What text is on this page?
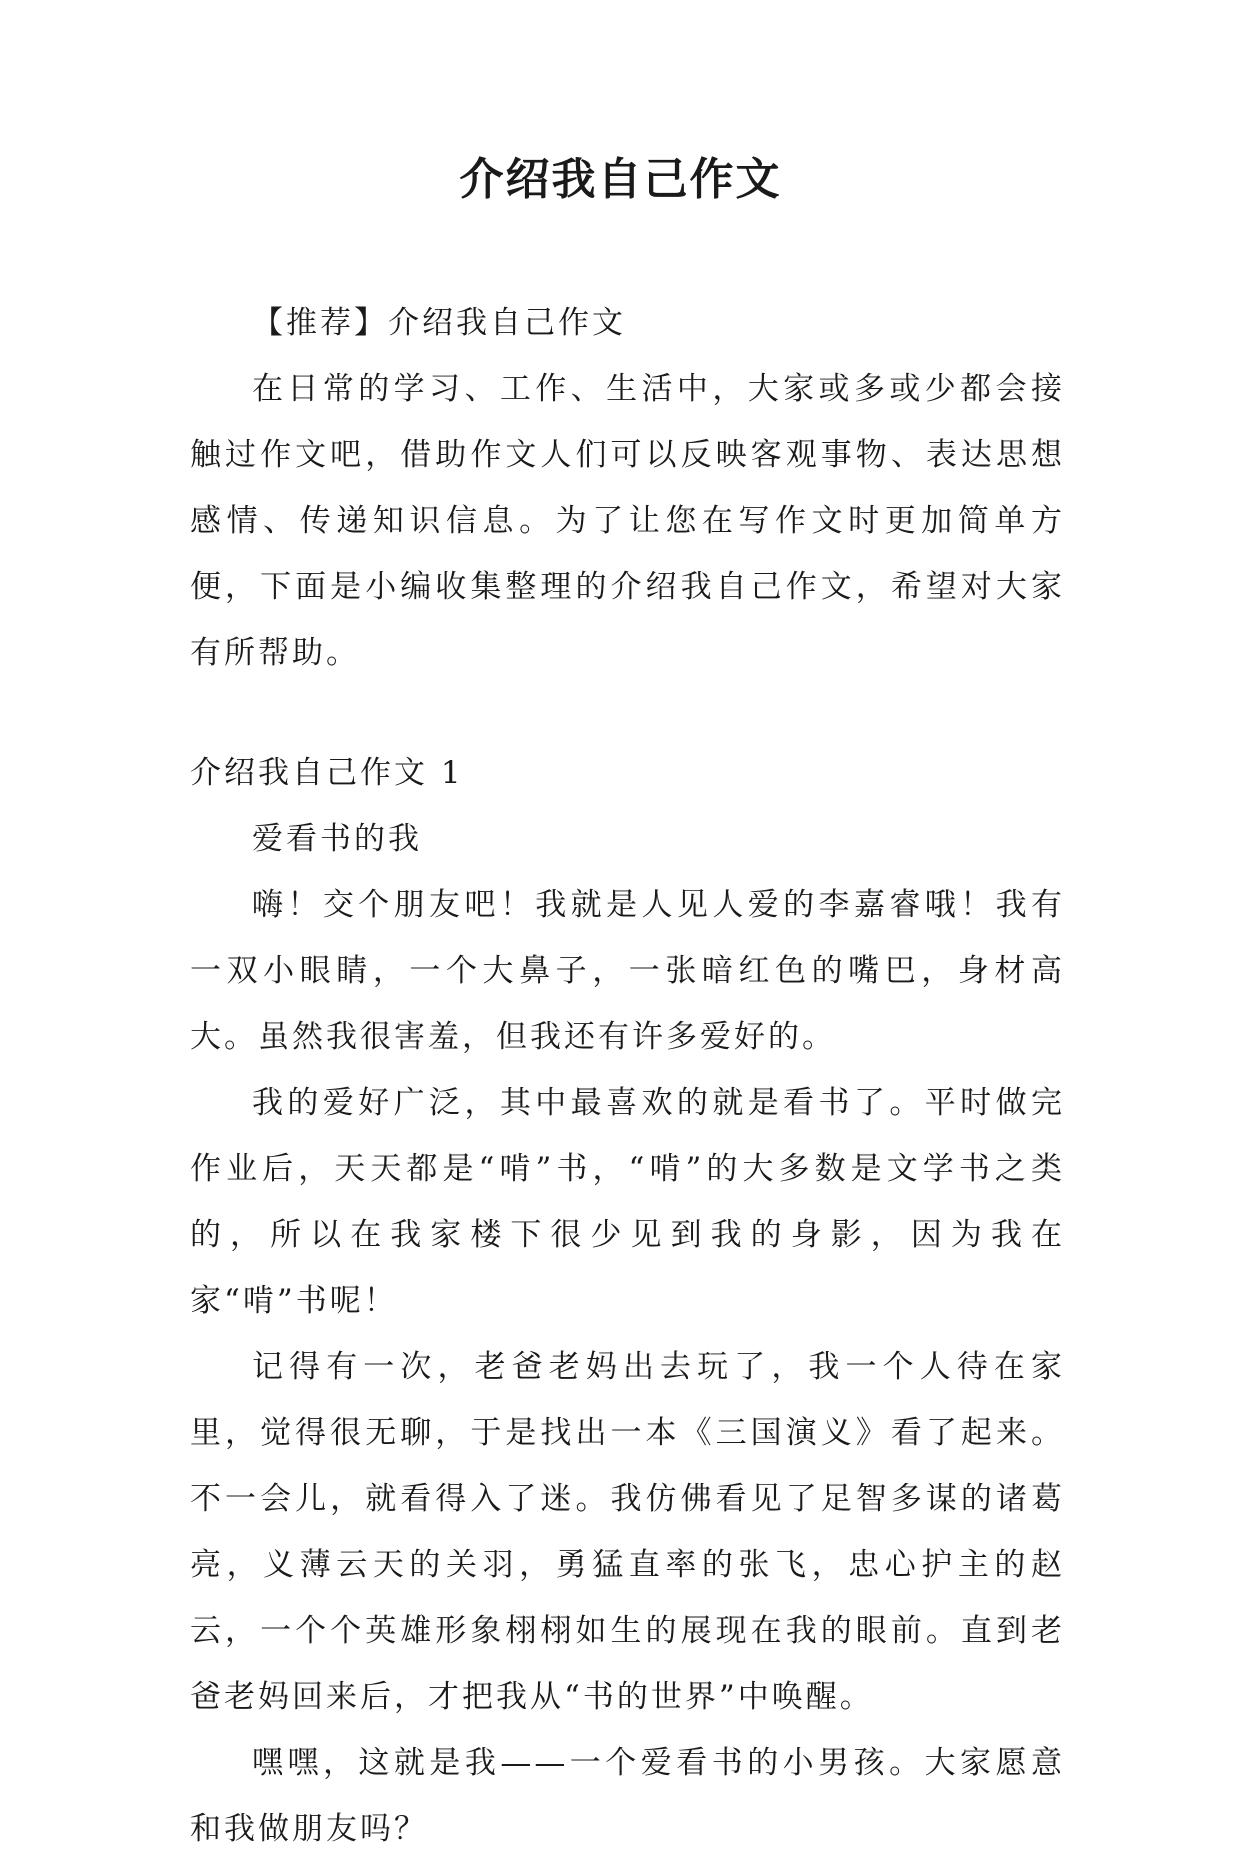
介绍我自己作文

【推荐】介绍我自己作文

在日常的学习、工作、生活中，大家或多或少都会接触过作文吧，借助作文人们可以反映客观事物、表达思想感情、传递知识信息。为了让您在写作文时更加简单方便，下面是小编收集整理的介绍我自己作文，希望对大家有所帮助。

介绍我自己作文 1

爱看书的我

嗨！交个朋友吧！我就是人见人爱的李嘉睿哦！我有一双小眼睛，一个大鼻子，一张暗红色的嘴巴，身材高大。虽然我很害羞，但我还有许多爱好的。

我的爱好广泛，其中最喜欢的就是看书了。平时做完作业后，天天都是“啃”书，“啃”的大多数是文学书之类的，所以在我家楼下很少见到我的身影，因为我在家“啃”书呢！

记得有一次，老爸老妈出去玩了，我一个人待在家里，觉得很无聊，于是找出一本《三国演义》看了起来。不一会儿，就看得入了迷。我仿佛看见了足智多谋的诸葛亮，义薄云天的关羽，勇猛直率的张飞，忠心护主的赵云，一个个英雄形象栩栩如生的展现在我的眼前。直到老爸老妈回来后，才把我从“书的世界”中唤醒。

嘿嘿，这就是我——一个爱看书的小男孩。大家愿意和我做朋友吗？
